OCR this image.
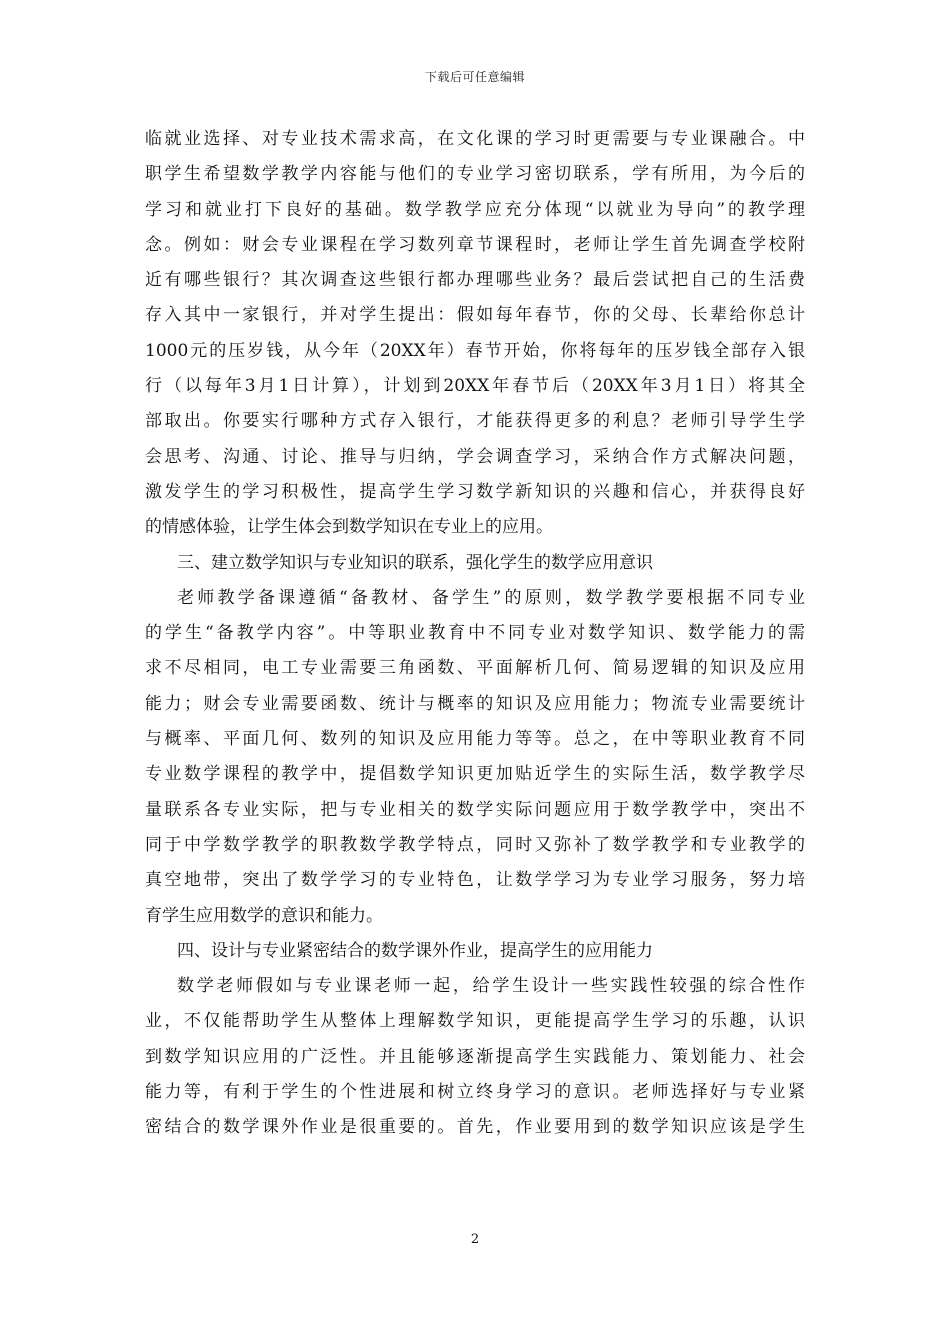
下载后可任意编辑
临就业选择、对专业技术需求高，在文化课的学习时更需要与专业课融合。中
职学生希望数学教学内容能与他们的专业学习密切联系，学有所用，为今后的
学习和就业打下良好的基础。数学教学应充分体现“以就业为导向”的教学理
念。例如：财会专业课程在学习数列章节课程时，老师让学生首先调查学校附
近有哪些银行？其次调查这些银行都办理哪些业务？最后尝试把自己的生活费
存入其中一家银行，并对学生提出：假如每年春节，你的父母、长辈给你总计
1000元的压岁钱，从今年（20XX年）春节开始，你将每年的压岁钱全部存入银
行（以每年3月1日计算），计划到20XX年春节后（20XX年3月1日）将其全
部取出。你要实行哪种方式存入银行，才能获得更多的利息？老师引导学生学
会思考、沟通、讨论、推导与归纳，学会调查学习，采纳合作方式解决问题，
激发学生的学习积极性，提高学生学习数学新知识的兴趣和信心，并获得良好
的情感体验，让学生体会到数学知识在专业上的应用。
三、建立数学知识与专业知识的联系，强化学生的数学应用意识
老师教学备课遵循“备教材、备学生”的原则，数学教学要根据不同专业
的学生“备教学内容”。中等职业教育中不同专业对数学知识、数学能力的需
求不尽相同，电工专业需要三角函数、平面解析几何、简易逻辑的知识及应用
能力；财会专业需要函数、统计与概率的知识及应用能力；物流专业需要统计
与概率、平面几何、数列的知识及应用能力等等。总之，在中等职业教育不同
专业数学课程的教学中，提倡数学知识更加贴近学生的实际生活，数学教学尽
量联系各专业实际，把与专业相关的数学实际问题应用于数学教学中，突出不
同于中学数学教学的职教数学教学特点，同时又弥补了数学教学和专业教学的
真空地带，突出了数学学习的专业特色，让数学学习为专业学习服务，努力培
育学生应用数学的意识和能力。
四、设计与专业紧密结合的数学课外作业，提高学生的应用能力
数学老师假如与专业课老师一起，给学生设计一些实践性较强的综合性作
业，不仅能帮助学生从整体上理解数学知识，更能提高学生学习的乐趣，认识
到数学知识应用的广泛性。并且能够逐渐提高学生实践能力、策划能力、社会
能力等，有利于学生的个性进展和树立终身学习的意识。老师选择好与专业紧
密结合的数学课外作业是很重要的。首先，作业要用到的数学知识应该是学生
2
